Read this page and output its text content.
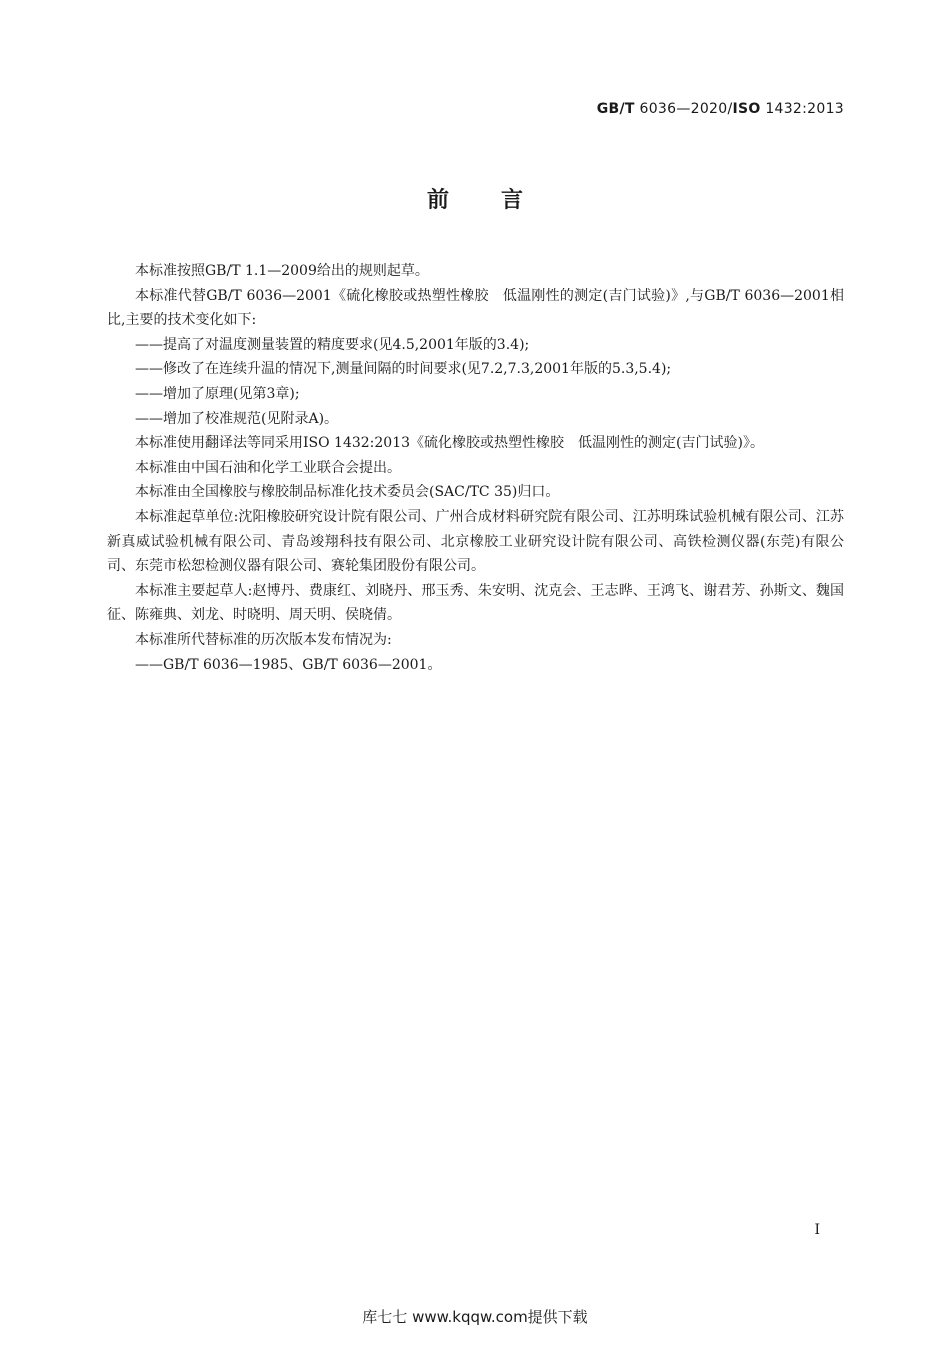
GB/T 6036—2020/ISO 1432:2013
前言

本标准按照GB/T 1.1—2009给出的规则起草。

本标准代替GB/T 6036—2001《硫化橡胶或热塑性橡胶　低温刚性的测定(吉门试验)》,与GB/T 6036—2001相比,主要的技术变化如下:

——提高了对温度测量装置的精度要求(见4.5,2001年版的3.4);

——修改了在连续升温的情况下,测量间隔的时间要求(见7.2,7.3,2001年版的5.3,5.4);

——增加了原理(见第3章);

——增加了校准规范(见附录A)。

本标准使用翻译法等同采用ISO 1432:2013《硫化橡胶或热塑性橡胶　低温刚性的测定(吉门试验)》。

本标准由中国石油和化学工业联合会提出。

本标准由全国橡胶与橡胶制品标准化技术委员会(SAC/TC 35)归口。

本标准起草单位:沈阳橡胶研究设计院有限公司、广州合成材料研究院有限公司、江苏明珠试验机械有限公司、江苏新真威试验机械有限公司、青岛竣翔科技有限公司、北京橡胶工业研究设计院有限公司、高铁检测仪器(东莞)有限公司、东莞市松恕检测仪器有限公司、赛轮集团股份有限公司。

本标准主要起草人:赵博丹、费康红、刘晓丹、邢玉秀、朱安明、沈克会、王志晔、王鸿飞、谢君芳、孙斯文、魏国征、陈雍典、刘龙、时晓明、周天明、侯晓倩。

本标准所代替标准的历次版本发布情况为:

——GB/T 6036—1985、GB/T 6036—2001。

I
库七七 www.kqqw.com提供下载
